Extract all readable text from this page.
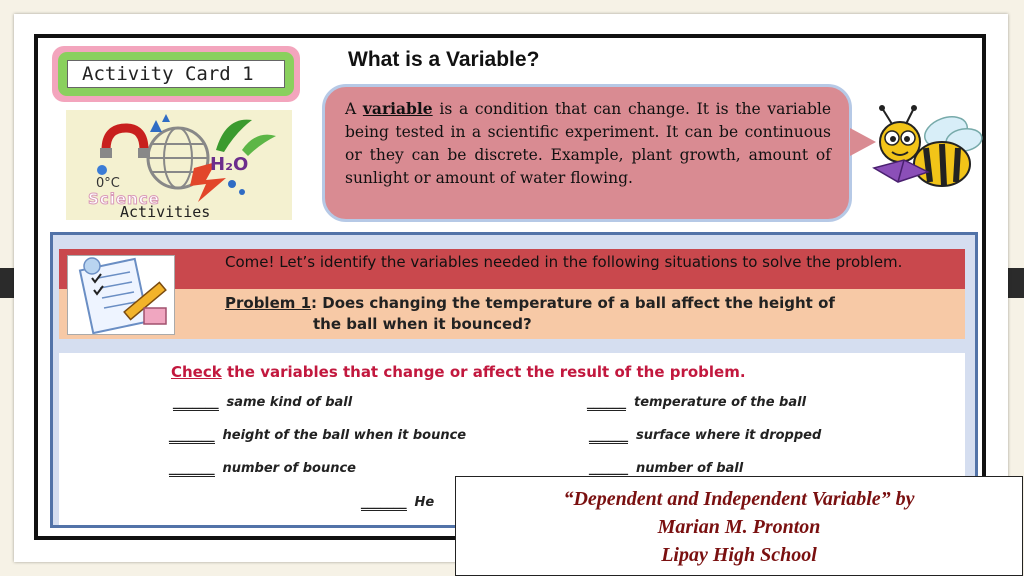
Activity Card 1
What is a Variable?
0°C
H₂O
Science
Activities

A variable is a condition that can change. It is the variable being tested in a scientific experiment. It can be continuous or they can be discrete. Example, plant growth, amount of sunlight or amount of water flowing.

Come! Let’s identify the variables needed in the following situations to solve the problem.

Problem 1: Does changing the temperature of a ball affect the height of
the ball when it bounced?

Check the variables that change or affect the result of the problem.

_______ same kind of ball	______ temperature of the ball
_______ height of the ball when it bounce	______ surface where it dropped
_______ number of bounce	______ number of ball
_______ He	“Dependent and Independent Variable” by
Marian M. Pronton
Lipay High School
